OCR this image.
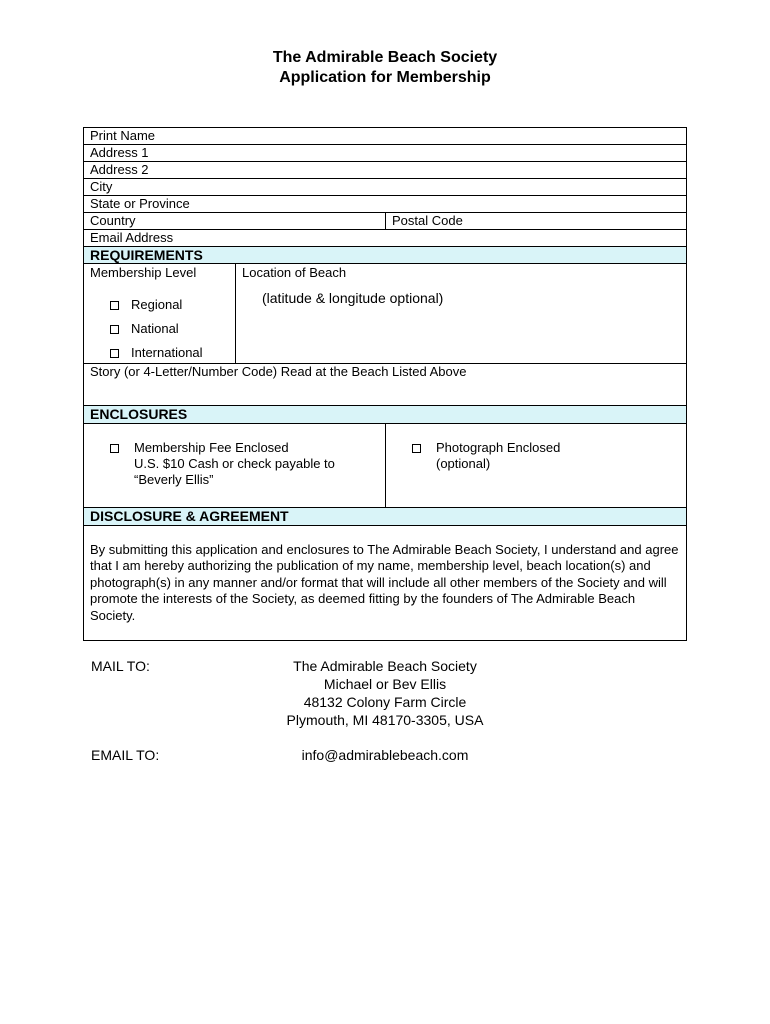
The Admirable Beach Society
Application for Membership
Print Name
Address 1
Address 2
City
State or Province
Country	Postal Code
Email Address
REQUIREMENTS
Membership Level
Regional
National
International
Location of Beach
(latitude & longitude optional)
Story (or 4-Letter/Number Code) Read at the Beach Listed Above
ENCLOSURES
Membership Fee Enclosed
U.S. $10 Cash or check payable to
“Beverly Ellis”
Photograph Enclosed
(optional)
DISCLOSURE & AGREEMENT
By submitting this application and enclosures to The Admirable Beach Society, I understand and agree that I am hereby authorizing the publication of my name, membership level, beach location(s) and photograph(s) in any manner and/or format that will include all other members of the Society and will promote the interests of the Society, as deemed fitting by the founders of The Admirable Beach Society.
MAIL TO:	The Admirable Beach Society
Michael or Bev Ellis
48132 Colony Farm Circle
Plymouth, MI 48170-3305, USA
EMAIL TO:	info@admirablebeach.com
